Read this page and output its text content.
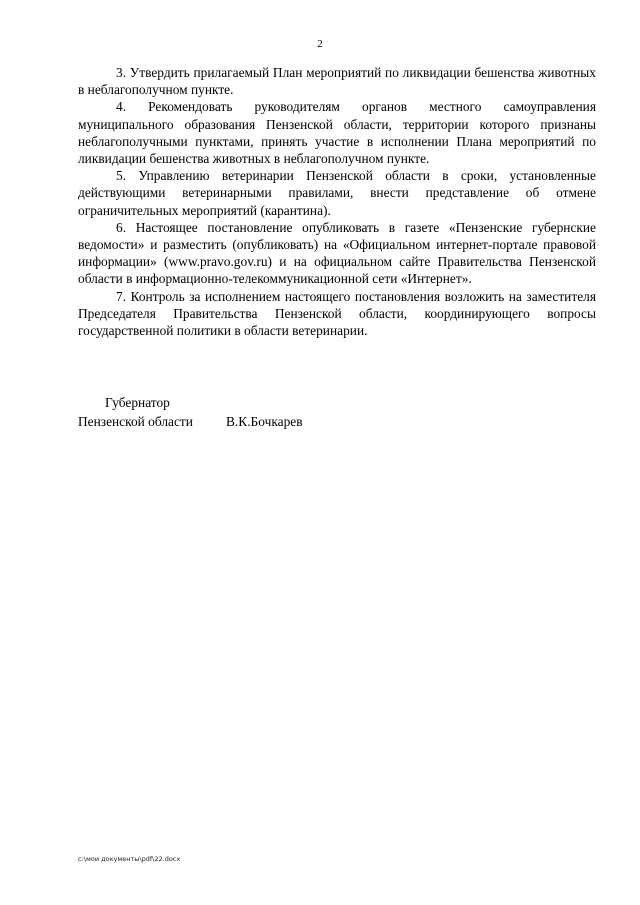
2

3. Утвердить прилагаемый План мероприятий по ликвидации бешенства животных в неблагополучном пункте.

4. Рекомендовать руководителям органов местного самоуправления муниципального образования Пензенской области, территории которого признаны неблагополучными пунктами, принять участие в исполнении Плана мероприятий по ликвидации бешенства животных в неблагополучном пункте.

5. Управлению ветеринарии Пензенской области в сроки, установленные действующими ветеринарными правилами, внести представление об отмене ограничительных мероприятий (карантина).

6. Настоящее постановление опубликовать в газете «Пензенские губернские ведомости» и разместить (опубликовать) на «Официальном интернет-портале правовой информации» (www.pravo.gov.ru) и на официальном сайте Правительства Пензенской области в информационно-телекоммуникационной сети «Интернет».

7. Контроль за исполнением настоящего постановления возложить на заместителя Председателя Правительства Пензенской области, координирующего вопросы государственной политики в области ветеринарии.

Губернатор
Пензенской области В.К.Бочкарев
c:\мои документы\pdf\22.docx
